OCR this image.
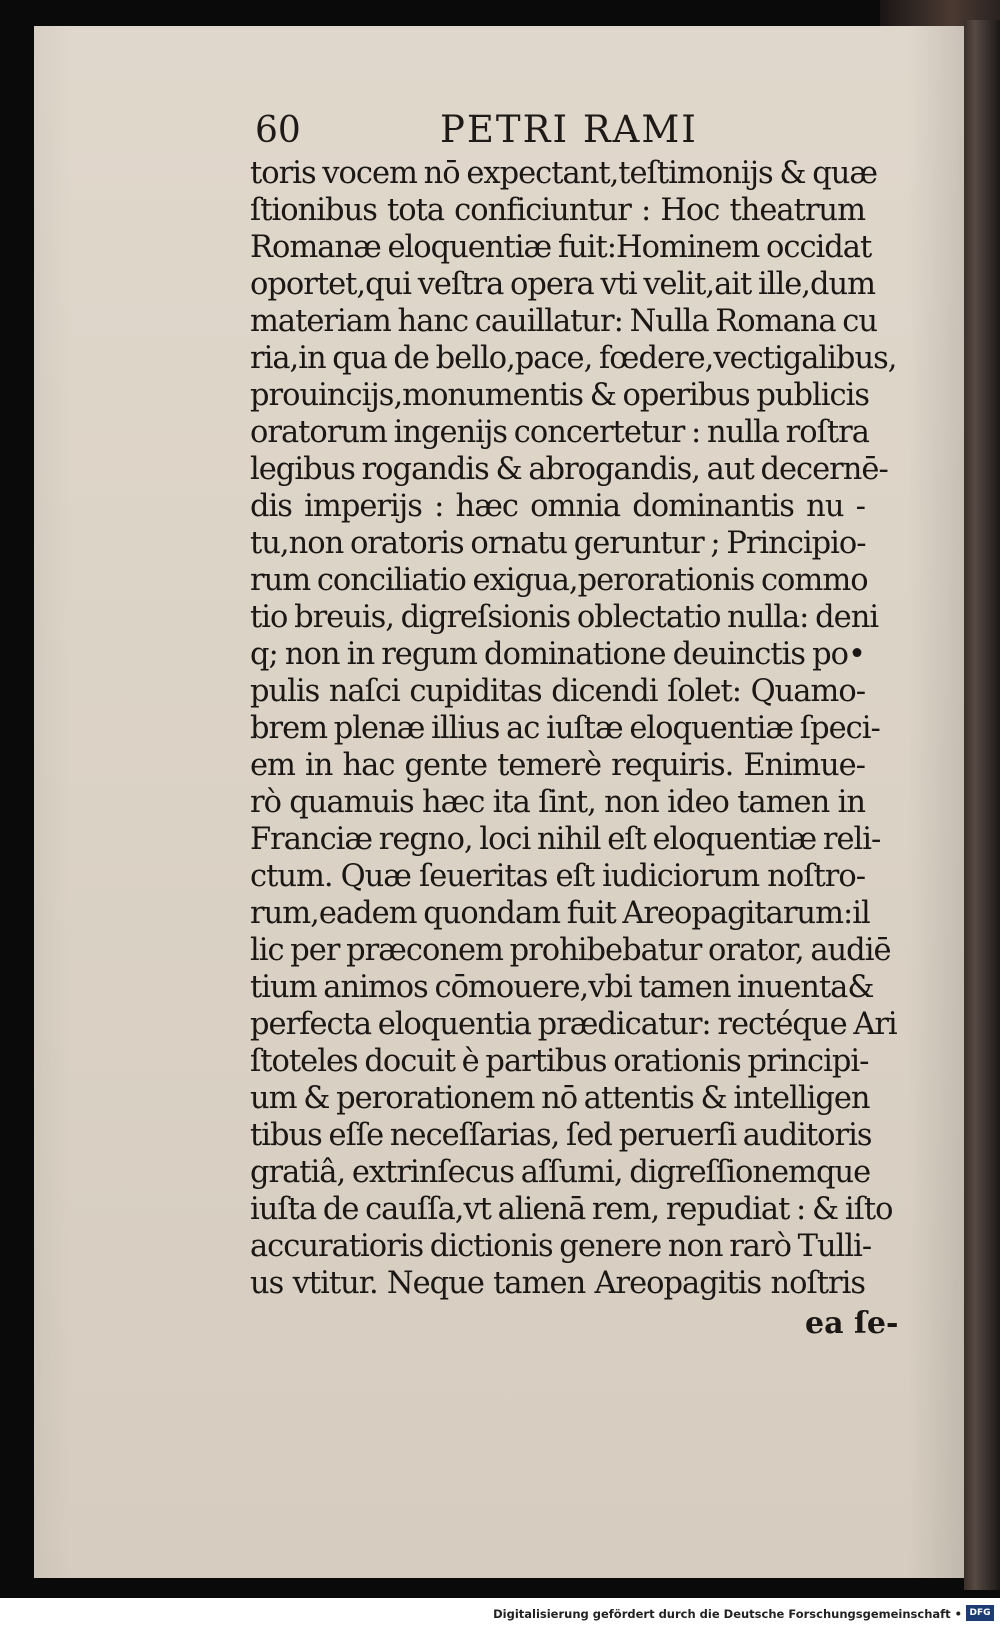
60	PETRI RAMI
toris vocem nō expectant,teſtimonijs & quæ
ſtionibus tota conficiuntur : Hoc theatrum
Romanæ eloquentiæ fuit:Hominem occidat
oportet,qui veſtra opera vti velit,ait ille,dum
materiam hanc cauillatur: Nulla Romana cu
ria,in qua de bello,pace, fœdere,vectigalibus,
prouincijs,monumentis & operibus publicis
oratorum ingenijs concertetur : nulla roſtra
legibus rogandis & abrogandis, aut decernē-
dis imperijs : hæc omnia dominantis nu -
tu,non oratoris ornatu geruntur ; Principio-
rum conciliatio exigua,perorationis commo
tio breuis, digreſsionis oblectatio nulla: deni
q; non in regum dominatione deuinctis po•
pulis naſci cupiditas dicendi ſolet: Quamo-
brem plenæ illius ac iuſtæ eloquentiæ ſpeci-
em in hac gente temerè requiris. Enimue-
rò quamuis hæc ita ſint, non ideo tamen in
Franciæ regno, loci nihil eſt eloquentiæ reli-
ctum. Quæ ſeueritas eſt iudiciorum noſtro-
rum,eadem quondam fuit Areopagitarum:il
lic per præconem prohibebatur orator, audiē
tium animos cōmouere,vbi tamen inuenta&
perfecta eloquentia prædicatur: rectéque Ari
ſtoteles docuit è partibus orationis principi-
um & perorationem nō attentis & intelligen
tibus eſſe neceſſarias, ſed peruerſi auditoris
gratiâ, extrinſecus aſſumi, digreſſionemque
iuſta de cauſſa,vt alienā rem, repudiat : & iſto
accuratioris dictionis genere non rarò Tulli-
us vtitur. Neque tamen Areopagitis noſtris
ea ſe-
Digitalisierung gefördert durch die Deutsche Forschungsgemeinschaft • DFG
